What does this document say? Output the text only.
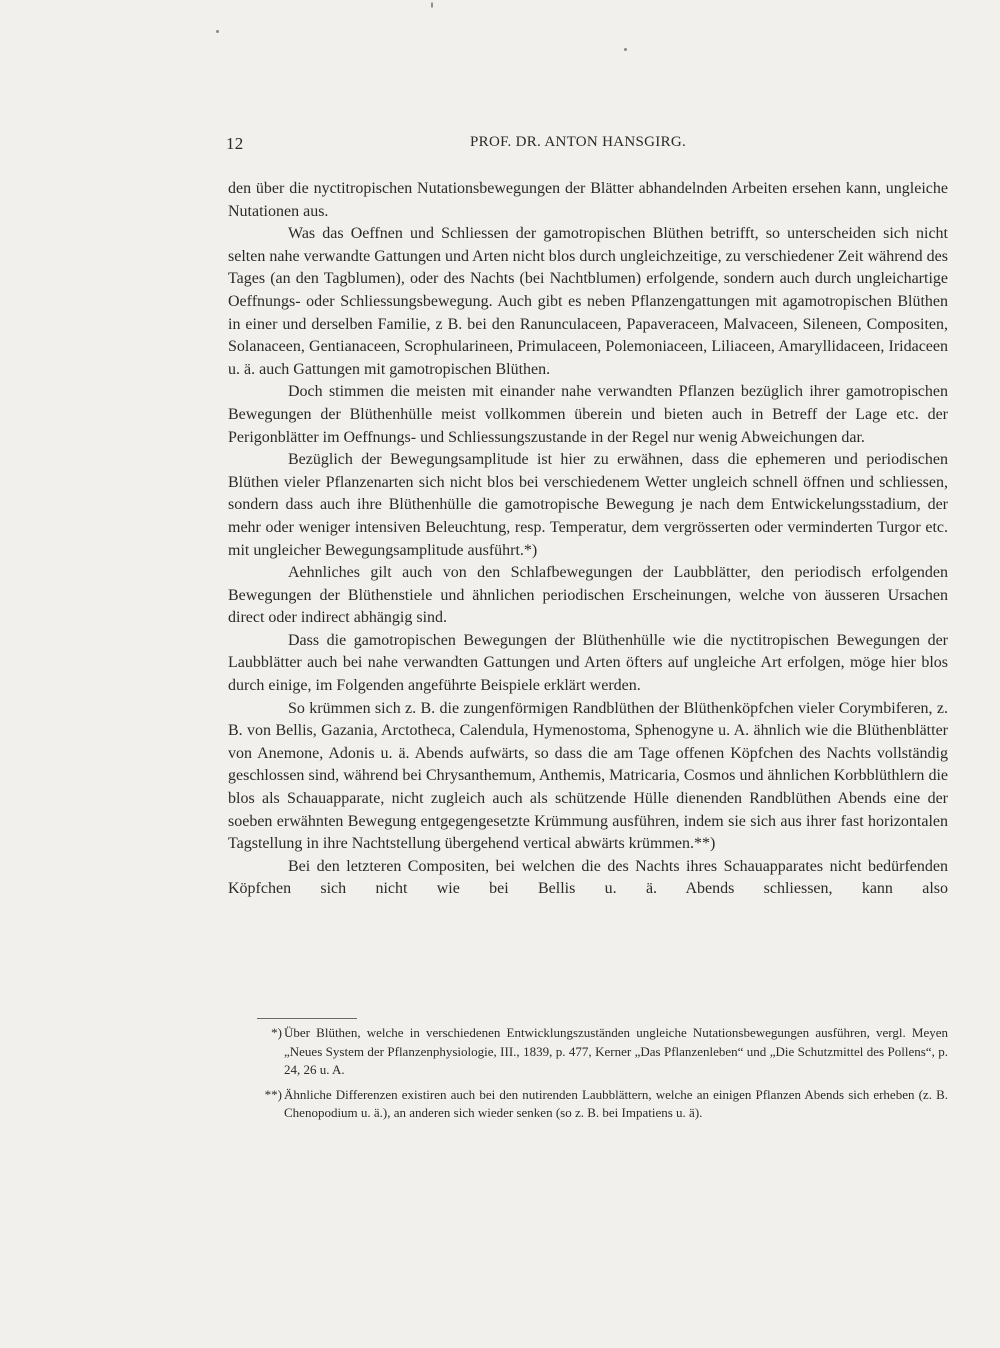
12	PROF. DR. ANTON HANSGIRG.

den über die nyctitropischen Nutationsbewegungen der Blätter abhandelnden Arbeiten ersehen kann, ungleiche Nutationen aus.

Was das Oeffnen und Schliessen der gamotropischen Blüthen betrifft, so unterscheiden sich nicht selten nahe verwandte Gattungen und Arten nicht blos durch ungleichzeitige, zu verschiedener Zeit während des Tages (an den Tagblumen), oder des Nachts (bei Nachtblumen) erfolgende, sondern auch durch ungleichartige Oeffnungs- oder Schliessungsbewegung. Auch gibt es neben Pflanzengattungen mit agamotropischen Blüthen in einer und derselben Familie, z B. bei den Ranunculaceen, Papaveraceen, Malvaceen, Sileneen, Compositen, Solanaceen, Gentianaceen, Scrophularineen, Primulaceen, Polemoniaceen, Liliaceen, Amaryllidaceen, Iridaceen u. ä. auch Gattungen mit gamotropischen Blüthen.

Doch stimmen die meisten mit einander nahe verwandten Pflanzen bezüglich ihrer gamotropischen Bewegungen der Blüthenhülle meist vollkommen überein und bieten auch in Betreff der Lage etc. der Perigonblätter im Oeffnungs- und Schliessungszustande in der Regel nur wenig Abweichungen dar.

Bezüglich der Bewegungsamplitude ist hier zu erwähnen, dass die ephemeren und periodischen Blüthen vieler Pflanzenarten sich nicht blos bei verschiedenem Wetter ungleich schnell öffnen und schliessen, sondern dass auch ihre Blüthenhülle die gamotropische Bewegung je nach dem Entwickelungsstadium, der mehr oder weniger intensiven Beleuchtung, resp. Temperatur, dem vergrösserten oder verminderten Turgor etc. mit ungleicher Bewegungsamplitude ausführt.*)

Aehnliches gilt auch von den Schlafbewegungen der Laubblätter, den periodisch erfolgenden Bewegungen der Blüthenstiele und ähnlichen periodischen Erscheinungen, welche von äusseren Ursachen direct oder indirect abhängig sind.

Dass die gamotropischen Bewegungen der Blüthenhülle wie die nyctitropischen Bewegungen der Laubblätter auch bei nahe verwandten Gattungen und Arten öfters auf ungleiche Art erfolgen, möge hier blos durch einige, im Folgenden angeführte Beispiele erklärt werden.

So krümmen sich z. B. die zungenförmigen Randblüthen der Blüthenköpfchen vieler Corymbiferen, z. B. von Bellis, Gazania, Arctotheca, Calendula, Hymenostoma, Sphenogyne u. A. ähnlich wie die Blüthenblätter von Anemone, Adonis u. ä. Abends aufwärts, so dass die am Tage offenen Köpfchen des Nachts vollständig geschlossen sind, während bei Chrysanthemum, Anthemis, Matricaria, Cosmos und ähnlichen Korbblüthlern die blos als Schauapparate, nicht zugleich auch als schützende Hülle dienenden Randblüthen Abends eine der soeben erwähnten Bewegung entgegengesetzte Krümmung ausführen, indem sie sich aus ihrer fast horizontalen Tagstellung in ihre Nachtstellung übergehend vertical abwärts krümmen.**)

Bei den letzteren Compositen, bei welchen die des Nachts ihres Schauapparates nicht bedürfenden Köpfchen sich nicht wie bei Bellis u. ä. Abends schliessen, kann also

*) Über Blüthen, welche in verschiedenen Entwicklungszuständen ungleiche Nutationsbewegungen ausführen, vergl. Meyen „Neues System der Pflanzenphysiologie, III., 1839, p. 477, Kerner „Das Pflanzenleben“ und „Die Schutzmittel des Pollens“, p. 24, 26 u. A.

**) Ähnliche Differenzen existiren auch bei den nutirenden Laubblättern, welche an einigen Pflanzen Abends sich erheben (z. B. Chenopodium u. ä.), an anderen sich wieder senken (so z. B. bei Impatiens u. ä).
